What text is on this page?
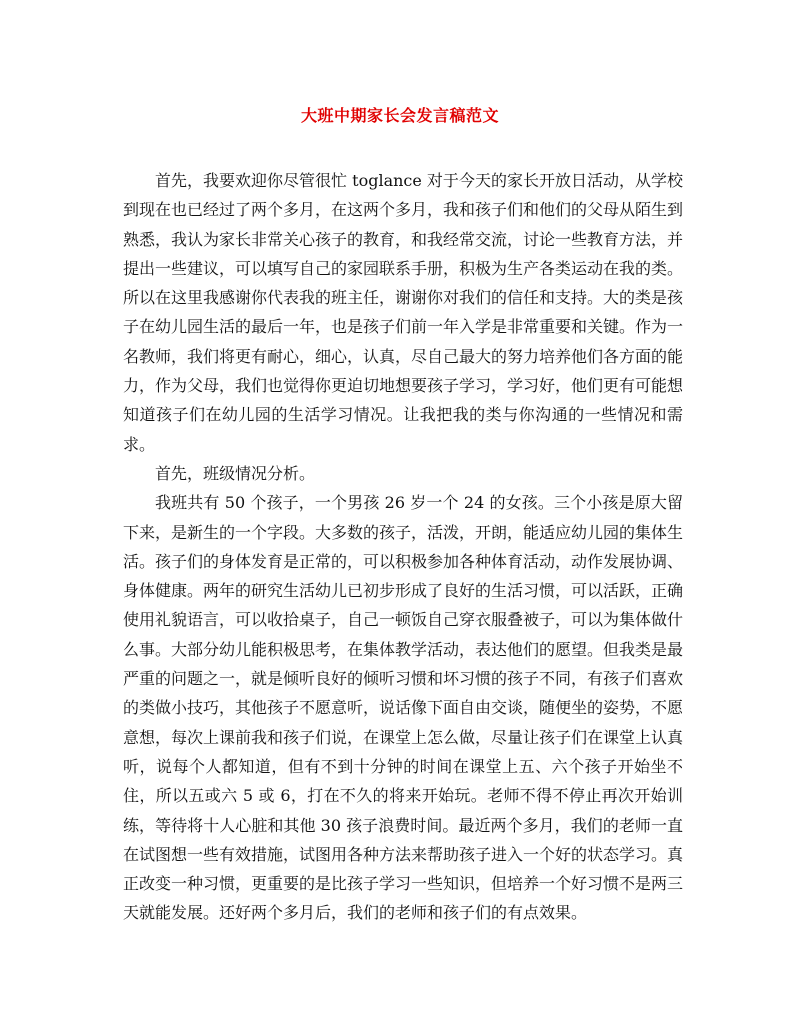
大班中期家长会发言稿范文

首先，我要欢迎你尽管很忙 toglance 对于今天的家长开放日活动，从学校到现在也已经过了两个多月，在这两个多月，我和孩子们和他们的父母从陌生到熟悉，我认为家长非常关心孩子的教育，和我经常交流，讨论一些教育方法，并提出一些建议，可以填写自己的家园联系手册，积极为生产各类运动在我的类。所以在这里我感谢你代表我的班主任，谢谢你对我们的信任和支持。大的类是孩子在幼儿园生活的最后一年，也是孩子们前一年入学是非常重要和关键。作为一名教师，我们将更有耐心，细心，认真，尽自己最大的努力培养他们各方面的能力，作为父母，我们也觉得你更迫切地想要孩子学习，学习好，他们更有可能想知道孩子们在幼儿园的生活学习情况。让我把我的类与你沟通的一些情况和需求。

首先，班级情况分析。

我班共有 50 个孩子，一个男孩 26 岁一个 24 的女孩。三个小孩是原大留下来，是新生的一个字段。大多数的孩子，活泼，开朗，能适应幼儿园的集体生活。孩子们的身体发育是正常的，可以积极参加各种体育活动，动作发展协调、身体健康。两年的研究生活幼儿已初步形成了良好的生活习惯，可以活跃，正确使用礼貌语言，可以收拾桌子，自己一顿饭自己穿衣服叠被子，可以为集体做什么事。大部分幼儿能积极思考，在集体教学活动，表达他们的愿望。但我类是最严重的问题之一，就是倾听良好的倾听习惯和坏习惯的孩子不同，有孩子们喜欢的类做小技巧，其他孩子不愿意听，说话像下面自由交谈，随便坐的姿势，不愿意想，每次上课前我和孩子们说，在课堂上怎么做，尽量让孩子们在课堂上认真听，说每个人都知道，但有不到十分钟的时间在课堂上五、六个孩子开始坐不住，所以五或六 5 或 6，打在不久的将来开始玩。老师不得不停止再次开始训练，等待将十人心脏和其他 30 孩子浪费时间。最近两个多月，我们的老师一直在试图想一些有效措施，试图用各种方法来帮助孩子进入一个好的状态学习。真正改变一种习惯，更重要的是比孩子学习一些知识，但培养一个好习惯不是两三天就能发展。还好两个多月后，我们的老师和孩子们的有点效果。
